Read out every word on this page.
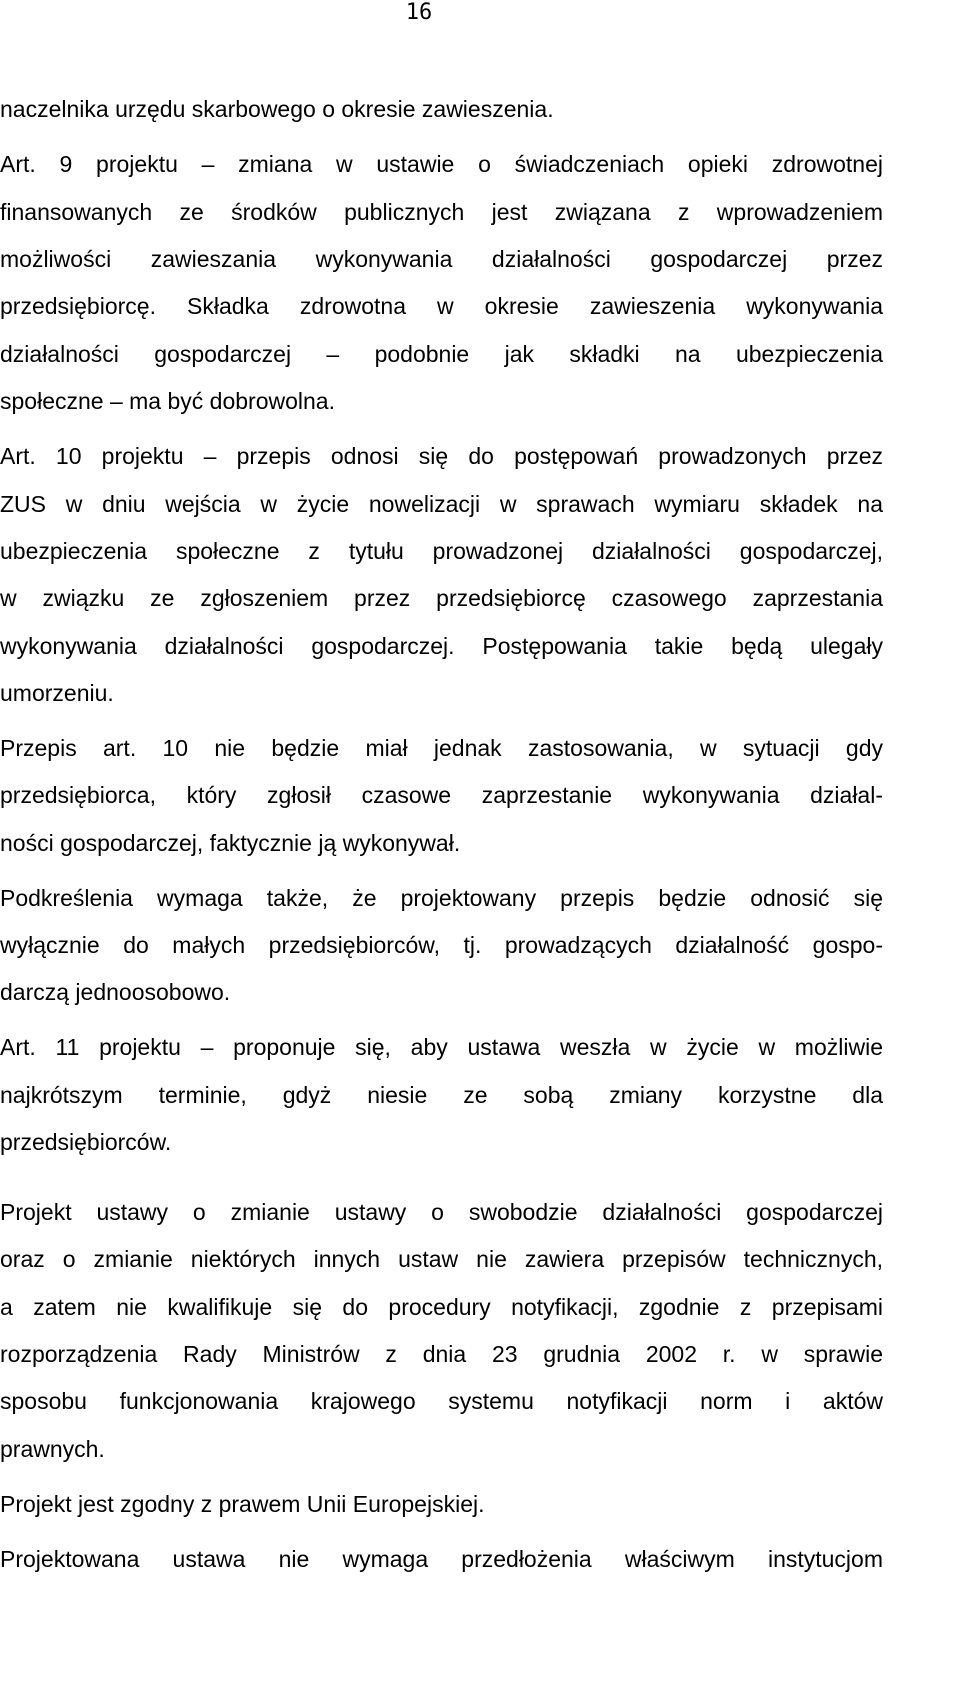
16
naczelnika urzędu skarbowego o okresie zawieszenia.
Art. 9 projektu – zmiana w ustawie o świadczeniach opieki zdrowotnej
finansowanych ze środków publicznych jest związana z wprowadzeniem
możliwości zawieszania wykonywania działalności gospodarczej przez
przedsiębiorcę. Składka zdrowotna w okresie zawieszenia wykonywania
działalności gospodarczej – podobnie jak składki na ubezpieczenia
społeczne – ma być dobrowolna.
Art. 10 projektu – przepis odnosi się do postępowań prowadzonych przez
ZUS w dniu wejścia w życie nowelizacji w sprawach wymiaru składek na
ubezpieczenia społeczne z tytułu prowadzonej działalności gospodarczej,
w związku ze zgłoszeniem przez przedsiębiorcę czasowego zaprzestania
wykonywania działalności gospodarczej. Postępowania takie będą ulegały
umorzeniu.
Przepis art. 10 nie będzie miał jednak zastosowania, w sytuacji gdy
przedsiębiorca, który zgłosił czasowe zaprzestanie wykonywania działal-
ności gospodarczej, faktycznie ją wykonywał.
Podkreślenia wymaga także, że projektowany przepis będzie odnosić się
wyłącznie do małych przedsiębiorców, tj. prowadzących działalność gospo-
darczą jednoosobowo.
Art. 11 projektu – proponuje się, aby ustawa weszła w życie w możliwie
najkrótszym terminie, gdyż niesie ze sobą zmiany korzystne dla
przedsiębiorców.
Projekt ustawy o zmianie ustawy o swobodzie działalności gospodarczej
oraz o zmianie niektórych innych ustaw nie zawiera przepisów technicznych,
a zatem nie kwalifikuje się do procedury notyfikacji, zgodnie z przepisami
rozporządzenia Rady Ministrów z dnia 23 grudnia 2002 r. w sprawie
sposobu funkcjonowania krajowego systemu notyfikacji norm i aktów
prawnych.
Projekt jest zgodny z prawem Unii Europejskiej.
Projektowana ustawa nie wymaga przedłożenia właściwym instytucjom
